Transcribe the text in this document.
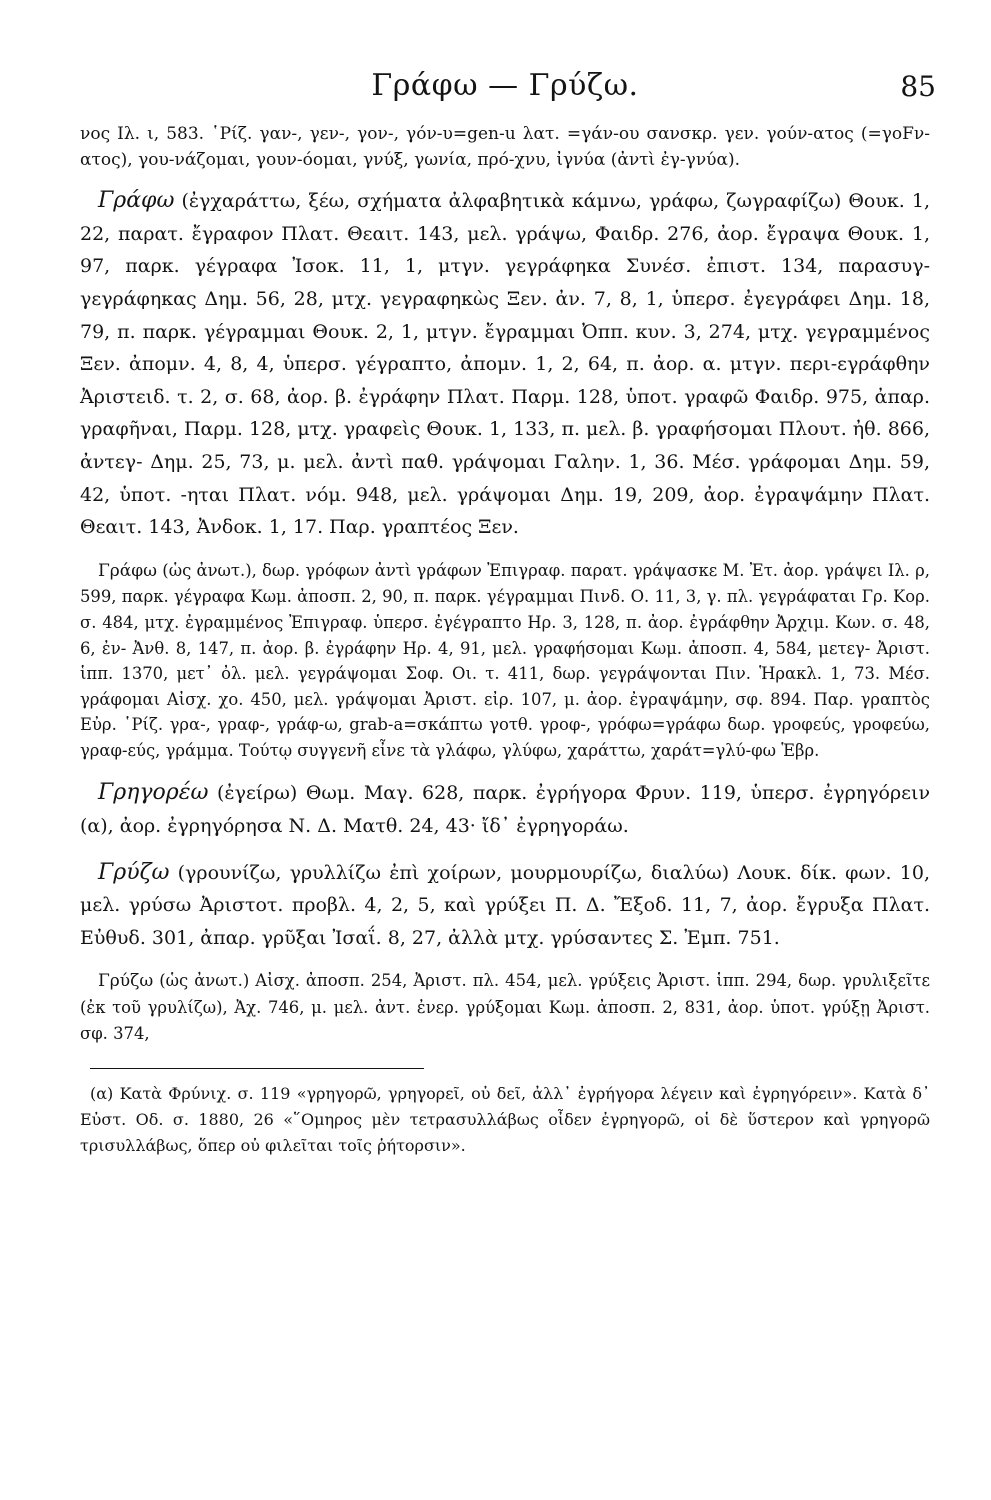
Γράφω — Γρύζω.	85

νος Ιλ. ι, 583. ῾Ρίζ. γαν-, γεν-, γον-, γόν-υ=gen-u λατ. =γάν-ου σανσκρ. γεν. γούν-ατος (=γοFν-ατος), γου-νάζομαι, γουν-όομαι, γνύξ, γωνία, πρό-χνυ, ἰγνύα (ἀντὶ ἐγ-γνύα).

Γράφω (ἐγχαράττω, ξέω, σχήματα ἀλφαβητικὰ κάμνω, γράφω, ζωγραφίζω) Θουκ. 1, 22, παρατ. ἔγραφον Πλατ. Θεαιτ. 143, μελ. γράψω, Φαιδρ. 276, ἀορ. ἔγραψα Θουκ. 1, 97, παρκ. γέγραφα Ἰσοκ. 11, 1, μτγν. γεγράφηκα Συνέσ. ἐπιστ. 134, παρασυγ-γεγράφηκας Δημ. 56, 28, μτχ. γεγραφηκὼς Ξεν. ἀν. 7, 8, 1, ὑπερσ. ἐγεγράφει Δημ. 18, 79, π. παρκ. γέγραμμαι Θουκ. 2, 1, μτγν. ἔγραμμαι Ὀππ. κυν. 3, 274, μτχ. γεγραμμένος Ξεν. ἀπομν. 4, 8, 4, ὑπερσ. γέγραπτο, ἀπομν. 1, 2, 64, π. ἀορ. α. μτγν. περι-εγράφθην Ἀριστειδ. τ. 2, σ. 68, ἀορ. β. ἐγράφην Πλατ. Παρμ. 128, ὑποτ. γραφῶ Φαιδρ. 975, ἀπαρ. γραφῆναι, Παρμ. 128, μτχ. γραφεὶς Θουκ. 1, 133, π. μελ. β. γραφήσομαι Πλουτ. ἠθ. 866, ἀντεγ- Δημ. 25, 73, μ. μελ. ἀντὶ παθ. γράψομαι Γαλην. 1, 36. Μέσ. γράφομαι Δημ. 59, 42, ὑποτ. -ηται Πλατ. νόμ. 948, μελ. γράψομαι Δημ. 19, 209, ἀορ. ἐγραψάμην Πλατ. Θεαιτ. 143, Ἀνδοκ. 1, 17. Παρ. γραπτέος Ξεν.

Γράφω (ὡς ἀνωτ.), δωρ. γρόφων ἀντὶ γράφων Ἐπιγραφ. παρατ. γράψασκε Μ. Ἐτ. ἀορ. γράψει Ιλ. ρ, 599, παρκ. γέγραφα Κωμ. ἀποσπ. 2, 90, π. παρκ. γέγραμμαι Πινδ. Ο. 11, 3, γ. πλ. γεγράφαται Γρ. Κορ. σ. 484, μτχ. ἐγραμμένος Ἐπιγραφ. ὑπερσ. ἐγέγραπτο Ηρ. 3, 128, π. ἀορ. ἐγράφθην Ἀρχιμ. Κων. σ. 48, 6, ἐν- Ἀνθ. 8, 147, π. ἀορ. β. ἐγράφην Ηρ. 4, 91, μελ. γραφήσομαι Κωμ. ἀποσπ. 4, 584, μετεγ- Ἀριστ. ἱππ. 1370, μετ᾽ ὀλ. μελ. γεγράψομαι Σοφ. Οι. τ. 411, δωρ. γεγράψονται Πιν. Ἡρακλ. 1, 73. Μέσ. γράφομαι Αἰσχ. χο. 450, μελ. γράψομαι Ἀριστ. εἰρ. 107, μ. ἀορ. ἐγραψάμην, σφ. 894. Παρ. γραπτὸς Εὐρ. ῾Ρίζ. γρα-, γραφ-, γράφ-ω, grab-a=σκάπτω γοτθ. γροφ-, γρόφω=γράφω δωρ. γροφεύς, γροφεύω, γραφ-εύς, γράμμα. Τούτῳ συγγενῆ εἶνε τὰ γλάφω, γλύφω, χαράττω, χαράτ=γλύ-φω Ἑβρ.

Γρηγορέω (ἐγείρω) Θωμ. Μαγ. 628, παρκ. ἐγρήγορα Φρυν. 119, ὑπερσ. ἐγρηγόρειν (α), ἀορ. ἐγρηγόρησα Ν. Δ. Ματθ. 24, 43· ἴδ᾽ ἐγρηγοράω.

Γρύζω (γρουνίζω, γρυλλίζω ἐπὶ χοίρων, μουρμουρίζω, διαλύω) Λουκ. δίκ. φων. 10, μελ. γρύσω Ἀριστοτ. προβλ. 4, 2, 5, καὶ γρύξει Π. Δ. Ἔξοδ. 11, 7, ἀορ. ἔγρυξα Πλατ. Εὐθυδ. 301, ἀπαρ. γρῦξαι Ἰσαΐ. 8, 27, ἀλλὰ μτχ. γρύσαντες Σ. Ἐμπ. 751.

Γρύζω (ὡς ἀνωτ.) Αἰσχ. ἀποσπ. 254, Ἀριστ. πλ. 454, μελ. γρύξεις Ἀριστ. ἱππ. 294, δωρ. γρυλιξεῖτε (ἐκ τοῦ γρυλίζω), Ἀχ. 746, μ. μελ. ἀντ. ἐνερ. γρύξομαι Κωμ. ἀποσπ. 2, 831, ἀορ. ὑποτ. γρύξῃ Ἀριστ. σφ. 374,

(α) Κατὰ Φρύνιχ. σ. 119 «γρηγορῶ, γρηγορεῖ, οὐ δεῖ, ἀλλ᾽ ἐγρήγορα λέγειν καὶ ἐγρηγόρειν». Κατὰ δ᾽ Εὐστ. Οδ. σ. 1880, 26 «῞Ομηρος μὲν τετρασυλλάβως οἶδεν ἐγρηγορῶ, οἱ δὲ ὕστερον καὶ γρηγορῶ τρισυλλάβως, ὅπερ οὐ φιλεῖται τοῖς ῥήτορσιν».
